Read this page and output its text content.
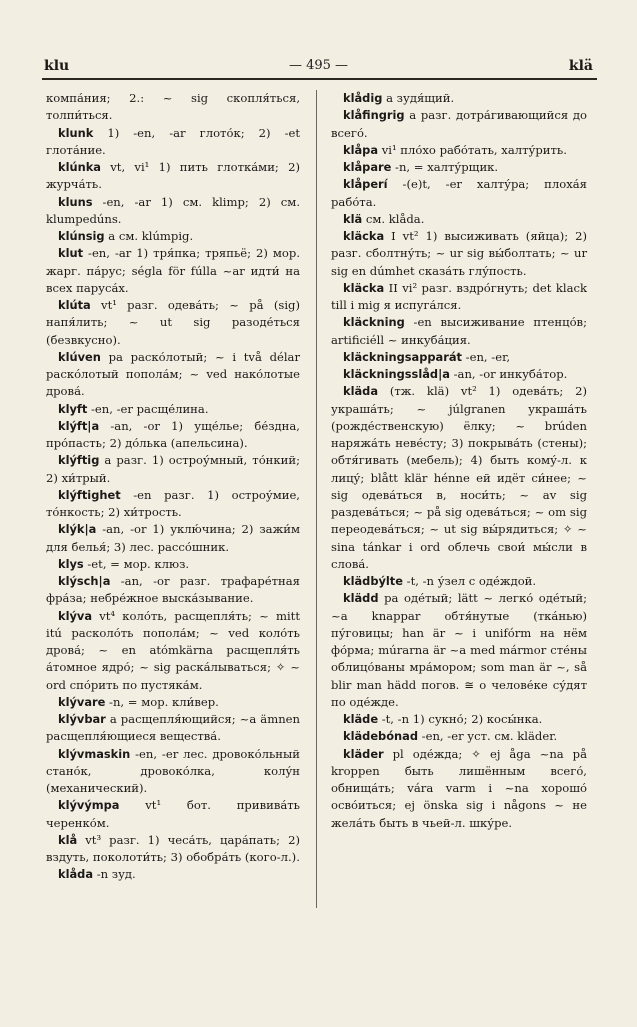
— 495 —
klu	klä

компа́ния; 2.: ~ sig скопля́ться, толпи́ться.

klunk 1) -en, -ar глото́к; 2) -et глота́ние.

klúnka vt, vi¹ 1) пить глотка́ми; 2) журча́ть.

kluns -en, -ar 1) см. klimp; 2) см. klumpedúns.

klúnsig a см. klúmpig.

klut -en, -ar 1) тря́пка; тряпьё; 2) мор. жарг. па́рус; ségla för fúlla ~ar идти́ на всех паруса́х.

klúta vt¹ разг. одева́ть; ~ på (sig) напя́лить; ~ ut sig разоде́ться (безвкусно).

klúven pa раско́лотый; ~ i två délar раско́лотый попола́м; ~ ved нако́лотые дрова́.

klyft -en, -er расще́лина.

klýft|a -an, -or 1) уще́лье; бе́здна, про́пасть; 2) до́лька (апельсина).

klýftig a разг. 1) остроу́мный, то́нкий; 2) хи́трый.

klýftighet -en разг. 1) остроу́мие, то́нкость; 2) хи́трость.

klýk|a -an, -or 1) уклю́чина; 2) зажи́м для белья́; 3) лес. рассо́шник.

klys -et, = мор. клюз.

klýsch|a -an, -or разг. трафаре́тная фра́за; небре́жное выска́зывание.

klýva vt⁴ коло́ть, расщепля́ть; ~ mitt itú расколо́ть попола́м; ~ ved коло́ть дрова́; ~ en atómkärna расщепля́ть а́томное ядро́; ~ sig раска́лываться; ✧ ~ ord спо́рить по пустяка́м.

klývare -n, = мор. кли́вер.

klývbar a расщепля́ющийся; ~a ämnen расщепля́ющиеся вещества́.

klývmaskin -en, -er лес. дровоко́льный стано́к, дровоко́лка, колу́н (механический).

klývýmpa vt¹ бот. привива́ть черенко́м.

klå vt³ разг. 1) чеса́ть, цара́пать; 2) вздуть, поколоти́ть; 3) обобра́ть (кого-л.).

klåda -n зуд.

klådig a зудя́щий.

klåfingrig a разг. дотра́гивающийся до всего́.

klåpa vi¹ пло́хо рабо́тать, халту́рить.

klåpare -n, = халту́рщик.

klåperí -(e)t, -er халту́ра; плоха́я рабо́та.

klä см. klåda.

kläcka I vt² 1) высиживать (яйца); 2) разг. сболтну́ть; ~ ur sig вы́болтать; ~ ur sig en dúmhet сказа́ть глу́пость.

kläcka II vi² разг. вздро́гнуть; det klack till i mig я испуга́лся.

kläckning -en высиживание птенцо́в; artificiéll ~ инкуба́ция.

kläckningsapparát -en, -er,

kläckningsslåd|a -an, -or инкуба́тор.

kläda (тж. klä) vt² 1) одева́ть; 2) украша́ть; ~ júlgranen украша́ть (рожде́ственскую) ёлку; ~ brúden наряжа́ть неве́сту; 3) покрыва́ть (стены); обтя́гивать (мебель); 4) быть кому́-л. к лицу́; blått klär hénne ей идёт си́нее; ~ sig одева́ться в, носи́ть; ~ av sig раздева́ться; ~ på sig одева́ться; ~ om sig переодева́ться; ~ ut sig вы́рядиться; ✧ ~ sina tánkar i ord облечь свои́ мы́сли в слова́.

klädbýlte -t, -n у́зел с оде́ждой.

klädd pa оде́тый; lätt ~ легко́ оде́тый; ~a knappar обтя́нутые (тка́нью) пу́говицы; han är ~ i unifórm на нём фо́рма; múrarna är ~a med mármor сте́ны облицо́ваны мра́мором; som man är ~, så blir man hädd погов. ≅ о челове́ке су́дят по оде́жде.

kläde -t, -n 1) сукно́; 2) косы́нка.

klädebónad -en, -er уст. см. kläder.

kläder pl оде́жда; ✧ ej åga ~na på kroppen быть лишённым всего́, обнища́ть; vára varm i ~na хорошо́ осво́иться; ej önska sig i någons ~ не жела́ть быть в чьей-л. шку́ре.
